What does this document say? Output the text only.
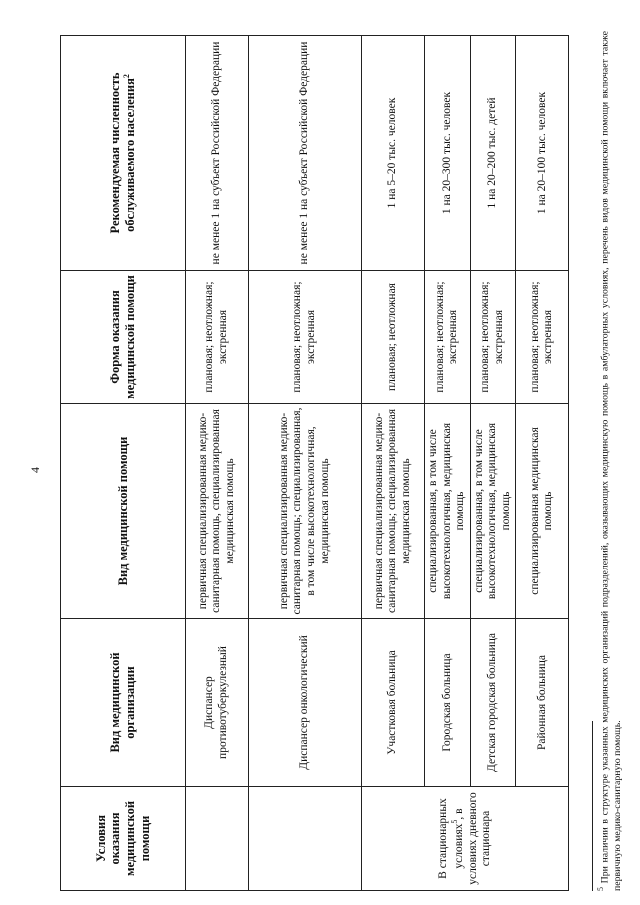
4
Условия оказания медицинской помощи	Вид медицинской организации	Вид медицинской помощи	Форма оказания медицинской помощи	Рекомендуемая численность обслуживаемого населения$^2$
	Диспансер противотуберкулезный	первичная специализированная медико-санитарная помощь, специализированная медицинская помощь	плановая; неотложная; экстренная	не менее 1 на субъект Российской Федерации
	Диспансер онкологический	первичная специализированная медико-санитарная помощь; специализированная, в том числе высокотехнологичная, медицинская помощь	плановая; неотложная; экстренная	не менее 1 на субъект Российской Федерации
В стационарных условиях$^5$, в условиях дневного стационара	Участковая больница	первичная специализированная медико-санитарная помощь; специализированная медицинская помощь	плановая; неотложная	1 на 5–20 тыс. человек
	Городская больница	специализированная, в том числе высокотехнологичная, медицинская помощь	плановая; неотложная; экстренная	1 на 20–300 тыс. человек
	Детская городская больница	специализированная, в том числе высокотехнологичная, медицинская помощь	плановая; неотложная; экстренная	1 на 20–200 тыс. детей
	Районная больница	специализированная медицинская помощь	плановая; неотложная; экстренная	1 на 20–100 тыс. человек
$^5$ При наличии в структуре указанных медицинских организаций подразделений, оказывающих медицинскую помощь в амбулаторных условиях, перечень видов медицинской помощи включает также первичную медико-санитарную помощь.
